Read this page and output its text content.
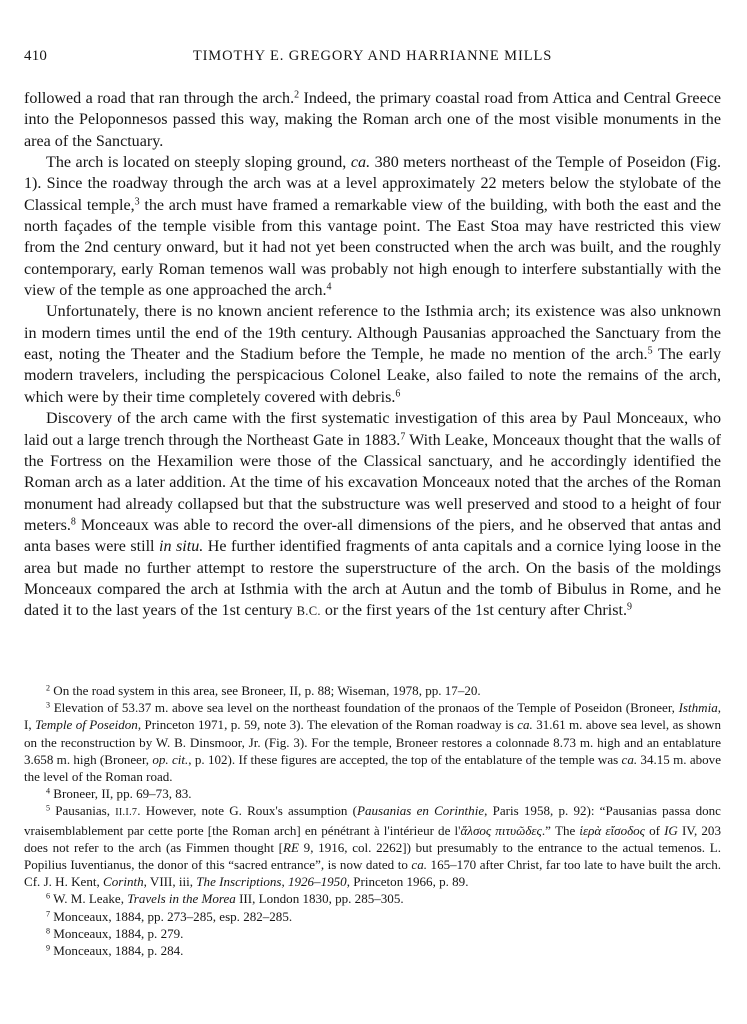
410	TIMOTHY E. GREGORY AND HARRIANNE MILLS

followed a road that ran through the arch.$^2$ Indeed, the primary coastal road from Attica and Central Greece into the Peloponnesos passed this way, making the Roman arch one of the most visible monuments in the area of the Sanctuary.

The arch is located on steeply sloping ground, ca. 380 meters northeast of the Temple of Poseidon (Fig. 1). Since the roadway through the arch was at a level approximately 22 meters below the stylobate of the Classical temple,$^3$ the arch must have framed a remarkable view of the building, with both the east and the north façades of the temple visible from this vantage point. The East Stoa may have restricted this view from the 2nd century onward, but it had not yet been constructed when the arch was built, and the roughly contemporary, early Roman temenos wall was probably not high enough to interfere substantially with the view of the temple as one approached the arch.$^4$

Unfortunately, there is no known ancient reference to the Isthmia arch; its existence was also unknown in modern times until the end of the 19th century. Although Pausanias approached the Sanctuary from the east, noting the Theater and the Stadium before the Temple, he made no mention of the arch.$^5$ The early modern travelers, including the perspicacious Colonel Leake, also failed to note the remains of the arch, which were by their time completely covered with debris.$^6$

Discovery of the arch came with the first systematic investigation of this area by Paul Monceaux, who laid out a large trench through the Northeast Gate in 1883.$^7$ With Leake, Monceaux thought that the walls of the Fortress on the Hexamilion were those of the Classical sanctuary, and he accordingly identified the Roman arch as a later addition. At the time of his excavation Monceaux noted that the arches of the Roman monument had already collapsed but that the substructure was well preserved and stood to a height of four meters.$^8$ Monceaux was able to record the over-all dimensions of the piers, and he observed that antas and anta bases were still in situ. He further identified fragments of anta capitals and a cornice lying loose in the area but made no further attempt to restore the superstructure of the arch. On the basis of the moldings Monceaux compared the arch at Isthmia with the arch at Autun and the tomb of Bibulus in Rome, and he dated it to the last years of the 1st century B.C. or the first years of the 1st century after Christ.$^9$

$^2$ On the road system in this area, see Broneer, II, p. 88; Wiseman, 1978, pp. 17–20.

$^3$ Elevation of 53.37 m. above sea level on the northeast foundation of the pronaos of the Temple of Poseidon (Broneer, Isthmia, I, Temple of Poseidon, Princeton 1971, p. 59, note 3). The elevation of the Roman roadway is ca. 31.61 m. above sea level, as shown on the reconstruction by W. B. Dinsmoor, Jr. (Fig. 3). For the temple, Broneer restores a colonnade 8.73 m. high and an entablature 3.658 m. high (Broneer, op. cit., p. 102). If these figures are accepted, the top of the entablature of the temple was ca. 34.15 m. above the level of the Roman road.

$^4$ Broneer, II, pp. 69–73, 83.

$^5$ Pausanias, II.I.7. However, note G. Roux's assumption (Pausanias en Corinthie, Paris 1958, p. 92): “Pausanias passa donc vraisemblablement par cette porte [the Roman arch] en pénétrant à l'intérieur de l'ἄλσος πιτυῶδες.” The ἱερὰ εἴσοδος of IG IV, 203 does not refer to the arch (as Fimmen thought [RE 9, 1916, col. 2262]) but presumably to the entrance to the actual temenos. L. Popilius Iuventianus, the donor of this “sacred entrance”, is now dated to ca. 165–170 after Christ, far too late to have built the arch. Cf. J. H. Kent, Corinth, VIII, iii, The Inscriptions, 1926–1950, Princeton 1966, p. 89.

$^6$ W. M. Leake, Travels in the Morea III, London 1830, pp. 285–305.

$^7$ Monceaux, 1884, pp. 273–285, esp. 282–285.

$^8$ Monceaux, 1884, p. 279.

$^9$ Monceaux, 1884, p. 284.
